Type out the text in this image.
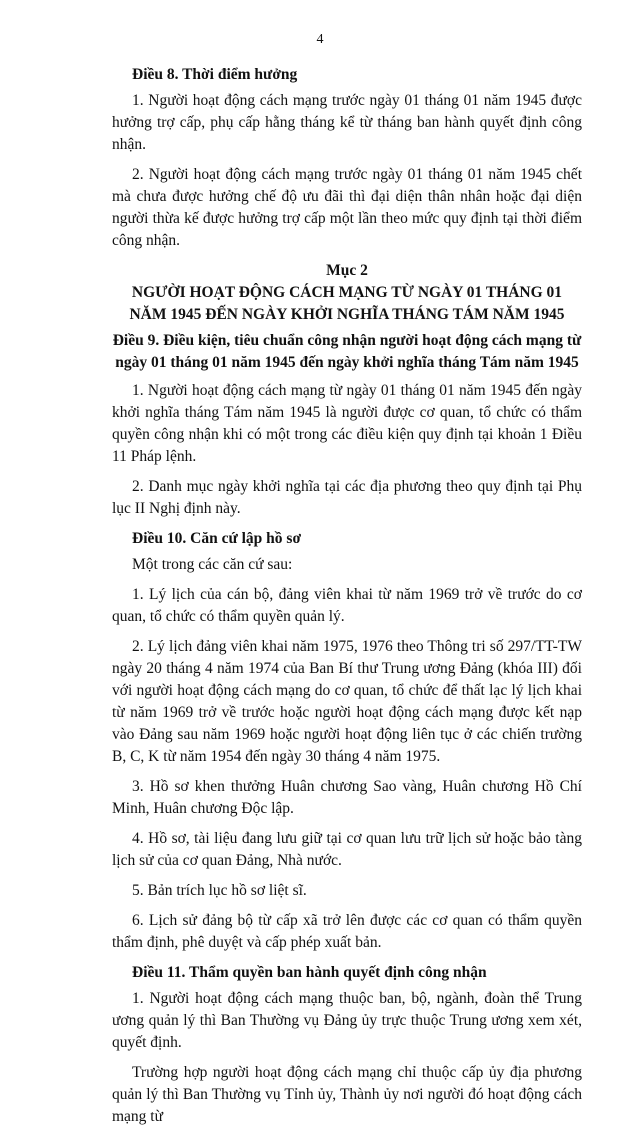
4
Điều 8. Thời điểm hưởng

1. Người hoạt động cách mạng trước ngày 01 tháng 01 năm 1945 được hưởng trợ cấp, phụ cấp hằng tháng kể từ tháng ban hành quyết định công nhận.

2. Người hoạt động cách mạng trước ngày 01 tháng 01 năm 1945 chết mà chưa được hưởng chế độ ưu đãi thì đại diện thân nhân hoặc đại diện người thừa kế được hưởng trợ cấp một lần theo mức quy định tại thời điểm công nhận.

Mục 2
NGƯỜI HOẠT ĐỘNG CÁCH MẠNG TỪ NGÀY 01 THÁNG 01 NĂM 1945 ĐẾN NGÀY KHỞI NGHĨA THÁNG TÁM NĂM 1945
Điều 9. Điều kiện, tiêu chuẩn công nhận người hoạt động cách mạng từ ngày 01 tháng 01 năm 1945 đến ngày khởi nghĩa tháng Tám năm 1945

1. Người hoạt động cách mạng từ ngày 01 tháng 01 năm 1945 đến ngày khởi nghĩa tháng Tám năm 1945 là người được cơ quan, tổ chức có thẩm quyền công nhận khi có một trong các điều kiện quy định tại khoản 1 Điều 11 Pháp lệnh.

2. Danh mục ngày khởi nghĩa tại các địa phương theo quy định tại Phụ lục II Nghị định này.

Điều 10. Căn cứ lập hồ sơ

Một trong các căn cứ sau:

1. Lý lịch của cán bộ, đảng viên khai từ năm 1969 trở về trước do cơ quan, tổ chức có thẩm quyền quản lý.

2. Lý lịch đảng viên khai năm 1975, 1976 theo Thông tri số 297/TT-TW ngày 20 tháng 4 năm 1974 của Ban Bí thư Trung ương Đảng (khóa III) đối với người hoạt động cách mạng do cơ quan, tổ chức để thất lạc lý lịch khai từ năm 1969 trở về trước hoặc người hoạt động cách mạng được kết nạp vào Đảng sau năm 1969 hoặc người hoạt động liên tục ở các chiến trường B, C, K từ năm 1954 đến ngày 30 tháng 4 năm 1975.

3. Hồ sơ khen thưởng Huân chương Sao vàng, Huân chương Hồ Chí Minh, Huân chương Độc lập.

4. Hồ sơ, tài liệu đang lưu giữ tại cơ quan lưu trữ lịch sử hoặc bảo tàng lịch sử của cơ quan Đảng, Nhà nước.

5. Bản trích lục hồ sơ liệt sĩ.

6. Lịch sử đảng bộ từ cấp xã trở lên được các cơ quan có thẩm quyền thẩm định, phê duyệt và cấp phép xuất bản.

Điều 11. Thẩm quyền ban hành quyết định công nhận

1. Người hoạt động cách mạng thuộc ban, bộ, ngành, đoàn thể Trung ương quản lý thì Ban Thường vụ Đảng ủy trực thuộc Trung ương xem xét, quyết định.

Trường hợp người hoạt động cách mạng chỉ thuộc cấp ủy địa phương quản lý thì Ban Thường vụ Tỉnh ủy, Thành ủy nơi người đó hoạt động cách mạng từ
